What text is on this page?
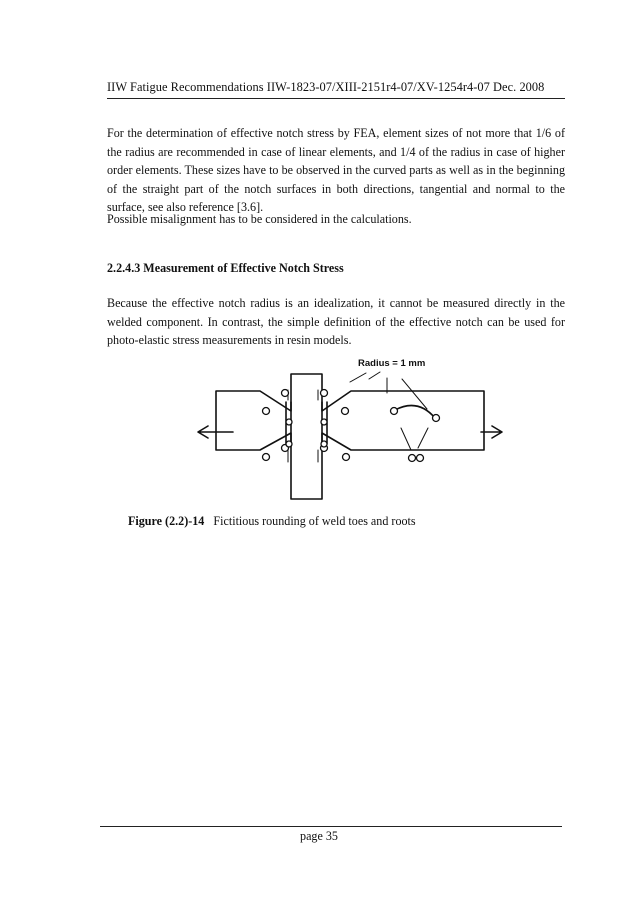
IIW Fatigue Recommendations IIW-1823-07/XIII-2151r4-07/XV-1254r4-07 Dec. 2008

For the determination of effective notch stress by FEA, element sizes of not more that 1/6 of the radius are recommended in case of linear elements, and 1/4 of the radius in case of higher order elements. These sizes have to be observed in the curved parts as well as in the beginning of the straight part of the notch surfaces in both directions, tangential and normal to the surface, see also reference [3.6].

Possible misalignment has to be considered in the calculations.

2.2.4.3 Measurement of Effective Notch Stress

Because the effective notch radius is an idealization, it cannot be measured directly in the welded component. In contrast, the simple definition of the effective notch can be used for photo-elastic stress measurements in resin models.

Radius = 1 mm
Figure (2.2)-14 Fictitious rounding of weld toes and roots
page 35
